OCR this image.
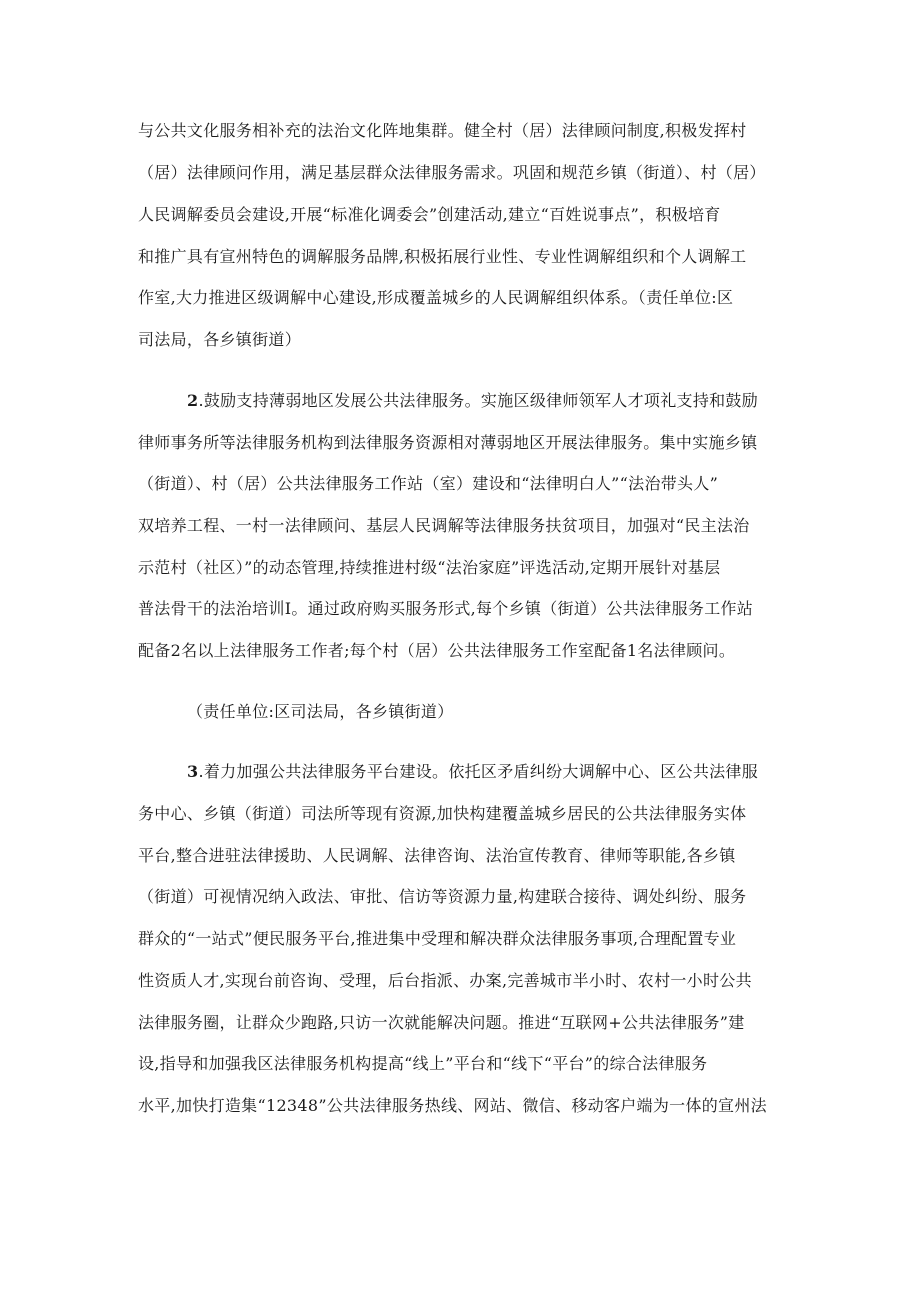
与公共文化服务相补充的法治文化阵地集群。健全村（居）法律顾问制度,积极发挥村
（居）法律顾问作用，满足基层群众法律服务需求。巩固和规范乡镇（街道）、村（居）
人民调解委员会建设,开展“标准化调委会”创建活动,建立“百姓说事点”，积极培育
和推广具有宣州特色的调解服务品牌,积极拓展行业性、专业性调解组织和个人调解工
作室,大力推进区级调解中心建设,形成覆盖城乡的人民调解组织体系。（责任单位:区
司法局，各乡镇街道）
2.鼓励支持薄弱地区发展公共法律服务。实施区级律师领军人才项礼支持和鼓励
律师事务所等法律服务机构到法律服务资源相对薄弱地区开展法律服务。集中实施乡镇
（街道）、村（居）公共法律服务工作站（室）建设和“法律明白人”“法治带头人”
双培养工程、一村一法律顾问、基层人民调解等法律服务扶贫项目，加强对“民主法治
示范村（社区）”的动态管理,持续推进村级“法治家庭”评选活动,定期开展针对基层
普法骨干的法治培训I。通过政府购买服务形式,每个乡镇（街道）公共法律服务工作站
配备2名以上法律服务工作者;每个村（居）公共法律服务工作室配备1名法律顾问。
（责任单位:区司法局，各乡镇街道）
3.着力加强公共法律服务平台建设。依托区矛盾纠纷大调解中心、区公共法律服
务中心、乡镇（街道）司法所等现有资源,加快构建覆盖城乡居民的公共法律服务实体
平台,整合进驻法律援助、人民调解、法律咨询、法治宣传教育、律师等职能,各乡镇
（街道）可视情况纳入政法、审批、信访等资源力量,构建联合接待、调处纠纷、服务
群众的“一站式”便民服务平台,推进集中受理和解决群众法律服务事项,合理配置专业
性资质人才,实现台前咨询、受理，后台指派、办案,完善城市半小时、农村一小时公共
法律服务圈，让群众少跑路,只访一次就能解决问题。推进“互联网+公共法律服务”建
设,指导和加强我区法律服务机构提高“线上”平台和“线下“平台”的综合法律服务
水平,加快打造集“12348”公共法律服务热线、网站、微信、移动客户端为一体的宣州法
